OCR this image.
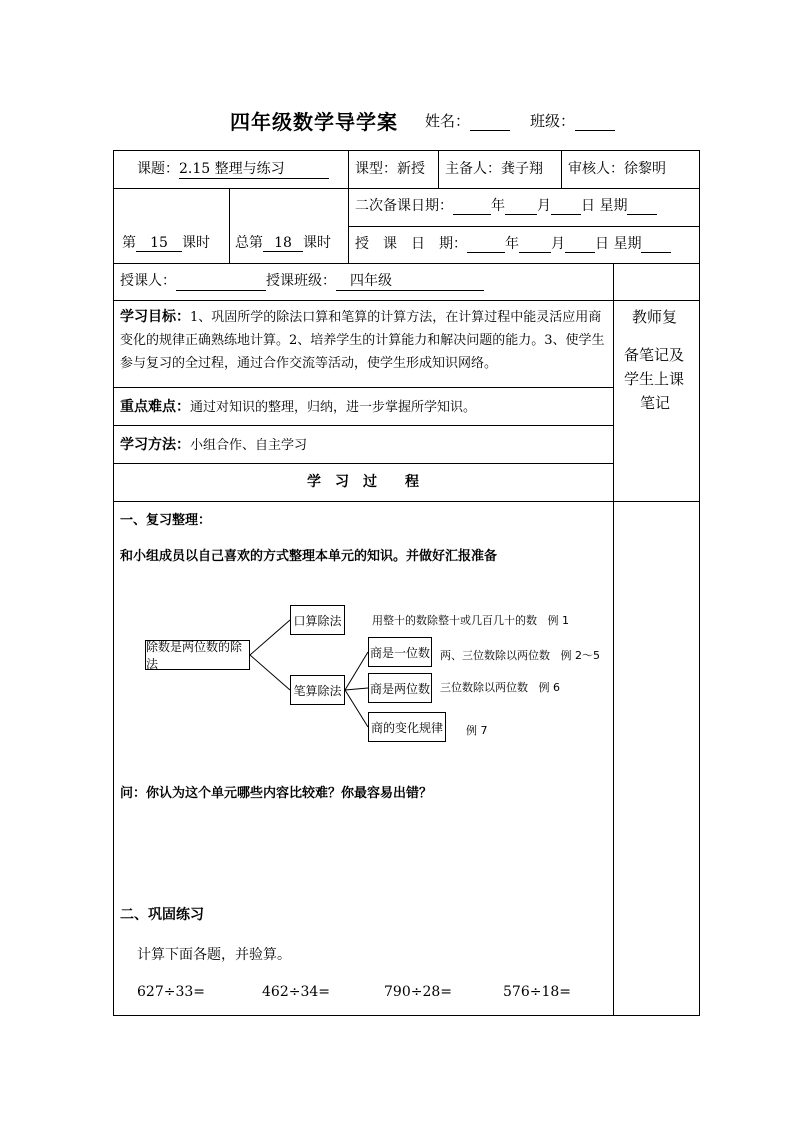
四年级数学导学案 姓名：	班级：
课题：2.15 整理与练习	课型：新授 主备人：龚子翔 审核人：徐黎明
第 15 课时 总第 18 课时
二次备课日期：	年 月 日 星期
授　课　日　期：	年 月 日 星期
授课人：	授课班级： 四年级
学习目标：1、巩固所学的除法口算和笔算的计算方法，在计算过程中能灵活应用商变化的规律正确熟练地计算。2、培养学生的计算能力和解决问题的能力。3、使学生参与复习的全过程，通过合作交流等活动，使学生形成知识网络。
教师复
备笔记及
学生上课
笔记
重点难点：通过对知识的整理，归纳，进一步掌握所学知识。
学习方法：小组合作、自主学习
学　习　过　　程
一、复习整理：
和小组成员以自己喜欢的方式整理本单元的知识。并做好汇报准备
除数是两位数的除法
口算除法
笔算除法
商是一位数
商是两位数
商的变化规律
用整十的数除整十或几百几十的数 例 1
两、三位数除以两位数 例 2～5
三位数除以两位数 例 6
例 7
问：你认为这个单元哪些内容比较难？你最容易出错？
二、巩固练习
计算下面各题，并验算。
627÷33=	462÷34=	790÷28=	576÷18=
